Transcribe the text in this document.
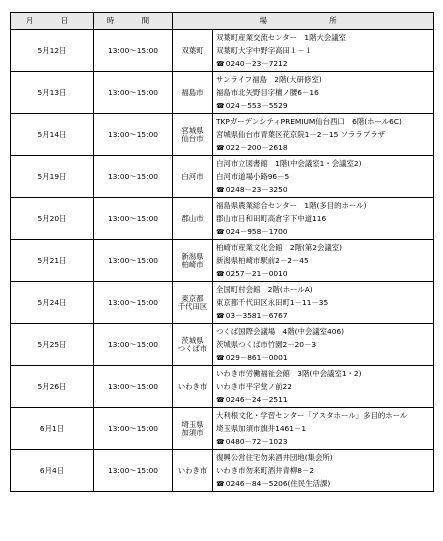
月　日	時　間	場　　　所	
5月12日	13:00～15:00	双葉町	双葉町産業交流センター　1階大会議室
双葉町大字中野字高田１－１
☎0240－23－7212

5月13日	13:00～15:00	福島市	サンライフ福島　2階(大研修室)
福島市北矢野目字檀ノ腰6－16
☎024－553－5529

5月14日	13:00～15:00	宮城県
仙台市	TKPガーデンシティPREMIUM仙台西口　6階(ホール6C)
宮城県仙台市青葉区花京院1－2－15 ソララプラザ
☎022－200－2618

5月19日	13:00～15:00	白河市	白河市立図書館　1階(中会議室1・会議室2)
白河市道場小路96－5
☎0248－23－3250

5月20日	13:00～15:00	郡山市	福島県農業総合センター　1階(多目的ホール)
郡山市日和田町高倉字下中道116
☎024－958－1700

5月21日	13:00～15:00	新潟県
柏崎市	柏崎市産業文化会館　2階(第2会議室)
新潟県柏崎市駅前2－2－45
☎0257－21－0010

5月24日	13:00～15:00	東京都
千代田区	全国町村会館　2階(ホールA)
東京都千代田区永田町1－11－35
☎03－3581－6767

5月25日	13:00～15:00	茨城県
つくば市	つくば国際会議場　4階(中会議室406)
茨城県つくば市竹園2－20－3
☎029－861－0001

5月26日	13:00～15:00	いわき市	いわき市労働福祉会館　3階(中会議室1・2)
いわき市平字堂ノ前22
☎0246－24－2511

6月1日	13:00～15:00	埼玉県
加須市	大利根文化・学習センター「アスタホール」多目的ホール
埼玉県加須市旗井1461－1
☎0480－72－1023

6月4日	13:00～15:00	いわき市	復興公営住宅勿来酒井団地(集会所)
いわき市勿来町酒井青柳8－2
☎0246－84－5206(住民生活課)
